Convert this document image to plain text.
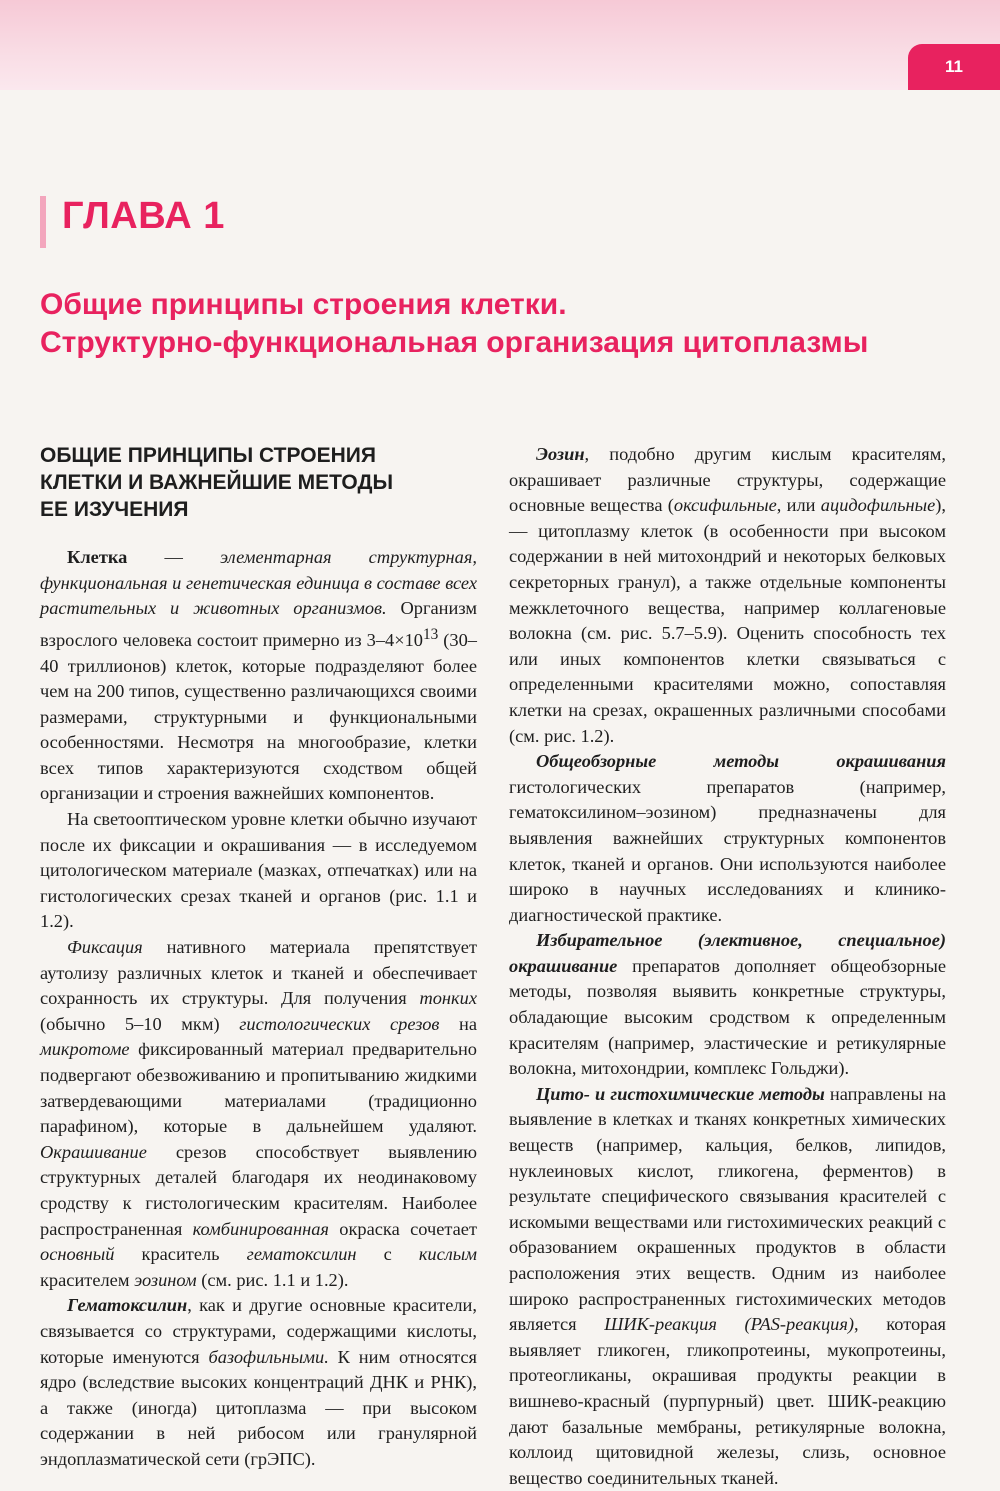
11
ГЛАВА 1
Общие принципы строения клетки.
Структурно-функциональная организация цитоплазмы
ОБЩИЕ ПРИНЦИПЫ СТРОЕНИЯ
КЛЕТКИ И ВАЖНЕЙШИЕ МЕТОДЫ
ЕЕ ИЗУЧЕНИЯ

Клетка — элементарная структурная, функциональная и генетическая единица в составе всех растительных и животных организмов. Организм взрослого человека состоит примерно из $3-4\times 10^{13}$ (30–40 триллионов) клеток, которые подразделяют более чем на 200 типов, существенно различающихся своими размерами, структурными и функциональными особенностями. Несмотря на многообразие, клетки всех типов характеризуются сходством общей организации и строения важнейших компонентов.

На светооптическом уровне клетки обычно изучают после их фиксации и окрашивания — в исследуемом цитологическом материале (мазках, отпечатках) или на гистологических срезах тканей и органов (рис. 1.1 и 1.2).

Фиксация нативного материала препятствует аутолизу различных клеток и тканей и обеспечивает сохранность их структуры. Для получения тонких (обычно 5–10 мкм) гистологических срезов на микротоме фиксированный материал предварительно подвергают обезвоживанию и пропитыванию жидкими затвердевающими материалами (традиционно парафином), которые в дальнейшем удаляют. Окрашивание срезов способствует выявлению структурных деталей благодаря их неодинаковому сродству к гистологическим красителям. Наиболее распространенная комбинированная окраска сочетает основный краситель гематоксилин с кислым красителем эозином (см. рис. 1.1 и 1.2).

Гематоксилин, как и другие основные красители, связывается со структурами, содержащими кислоты, которые именуются базофильными. К ним относятся ядро (вследствие высоких концентраций ДНК и РНК), а также (иногда) цитоплазма — при высоком содержании в ней рибосом или гранулярной эндоплазматической сети (грЭПС).

Эозин, подобно другим кислым красителям, окрашивает различные структуры, содержащие основные вещества (оксифильные, или ацидофильные), — цитоплазму клеток (в особенности при высоком содержании в ней митохондрий и некоторых белковых секреторных гранул), а также отдельные компоненты межклеточного вещества, например коллагеновые волокна (см. рис. 5.7–5.9). Оценить способность тех или иных компонентов клетки связываться с определенными красителями можно, сопоставляя клетки на срезах, окрашенных различными способами (см. рис. 1.2).

Общеобзорные методы окрашивания гистологических препаратов (например, гематоксилином–эозином) предназначены для выявления важнейших структурных компонентов клеток, тканей и органов. Они используются наиболее широко в научных исследованиях и клинико-диагностической практике.

Избирательное (элективное, специальное) окрашивание препаратов дополняет общеобзорные методы, позволяя выявить конкретные структуры, обладающие высоким сродством к определенным красителям (например, эластические и ретикулярные волокна, митохондрии, комплекс Гольджи).

Цито- и гистохимические методы направлены на выявление в клетках и тканях конкретных химических веществ (например, кальция, белков, липидов, нуклеиновых кислот, гликогена, ферментов) в результате специфического связывания красителей с искомыми веществами или гистохимических реакций с образованием окрашенных продуктов в области расположения этих веществ. Одним из наиболее широко распространенных гистохимических методов является ШИК-реакция (PAS-реакция), которая выявляет гликоген, гликопротеины, мукопротеины, протеогликаны, окрашивая продукты реакции в вишнево-красный (пурпурный) цвет. ШИК-реакцию дают базальные мембраны, ретикулярные волокна, коллоид щитовидной железы, слизь, основное вещество соединительных тканей.
